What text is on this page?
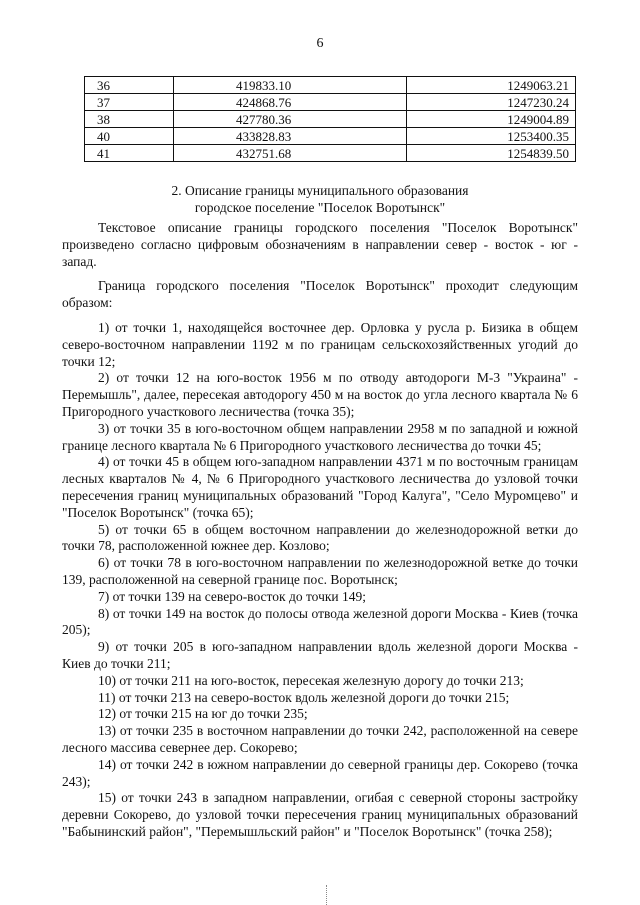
6
36	419833.10	1249063.21
37	424868.76	1247230.24
38	427780.36	1249004.89
40	433828.83	1253400.35
41	432751.68	1254839.50
2. Описание границы муниципального образования
городское поселение "Поселок Воротынск"

Текстовое описание границы городского поселения "Поселок Воротынск" произведено согласно цифровым обозначениям в направлении север - восток - юг - запад.

Граница городского поселения "Поселок Воротынск" проходит следующим образом:

1) от точки 1, находящейся восточнее дер. Орловка у русла р. Бизика в общем северо-восточном направлении 1192 м по границам сельскохозяйственных угодий до точки 12;

2) от точки 12 на юго-восток 1956 м по отводу автодороги М-3 "Украина" - Перемышль", далее, пересекая автодорогу 450 м на восток до угла лесного квартала № 6 Пригородного участкового лесничества (точка 35);

3) от точки 35 в юго-восточном общем направлении 2958 м по западной и южной границе лесного квартала № 6 Пригородного участкового лесничества до точки 45;

4) от точки 45 в общем юго-западном направлении 4371 м по восточным границам лесных кварталов № 4, № 6 Пригородного участкового лесничества до узловой точки пересечения границ муниципальных образований "Город Калуга", "Село Муромцево" и "Поселок Воротынск" (точка 65);

5) от точки 65 в общем восточном направлении до железнодорожной ветки до точки 78, расположенной южнее дер. Козлово;

6) от точки 78 в юго-восточном направлении по железнодорожной ветке до точки 139, расположенной на северной границе пос. Воротынск;

7) от точки 139 на северо-восток до точки 149;

8) от точки 149 на восток до полосы отвода железной дороги Москва - Киев (точка 205);

9) от точки 205 в юго-западном направлении вдоль железной дороги Москва - Киев до точки 211;

10) от точки 211 на юго-восток, пересекая железную дорогу до точки 213;

11) от точки 213 на северо-восток вдоль железной дороги до точки 215;

12) от точки 215 на юг до точки 235;

13) от точки 235 в восточном направлении до точки 242, расположенной на севере лесного массива севернее дер. Сокорево;

14) от точки 242 в южном направлении до северной границы дер. Сокорево (точка 243);

15) от точки 243 в западном направлении, огибая с северной стороны застройку деревни Сокорево, до узловой точки пересечения границ муниципальных образований "Бабынинский район", "Перемышльский район" и "Поселок Воротынск" (точка 258);
